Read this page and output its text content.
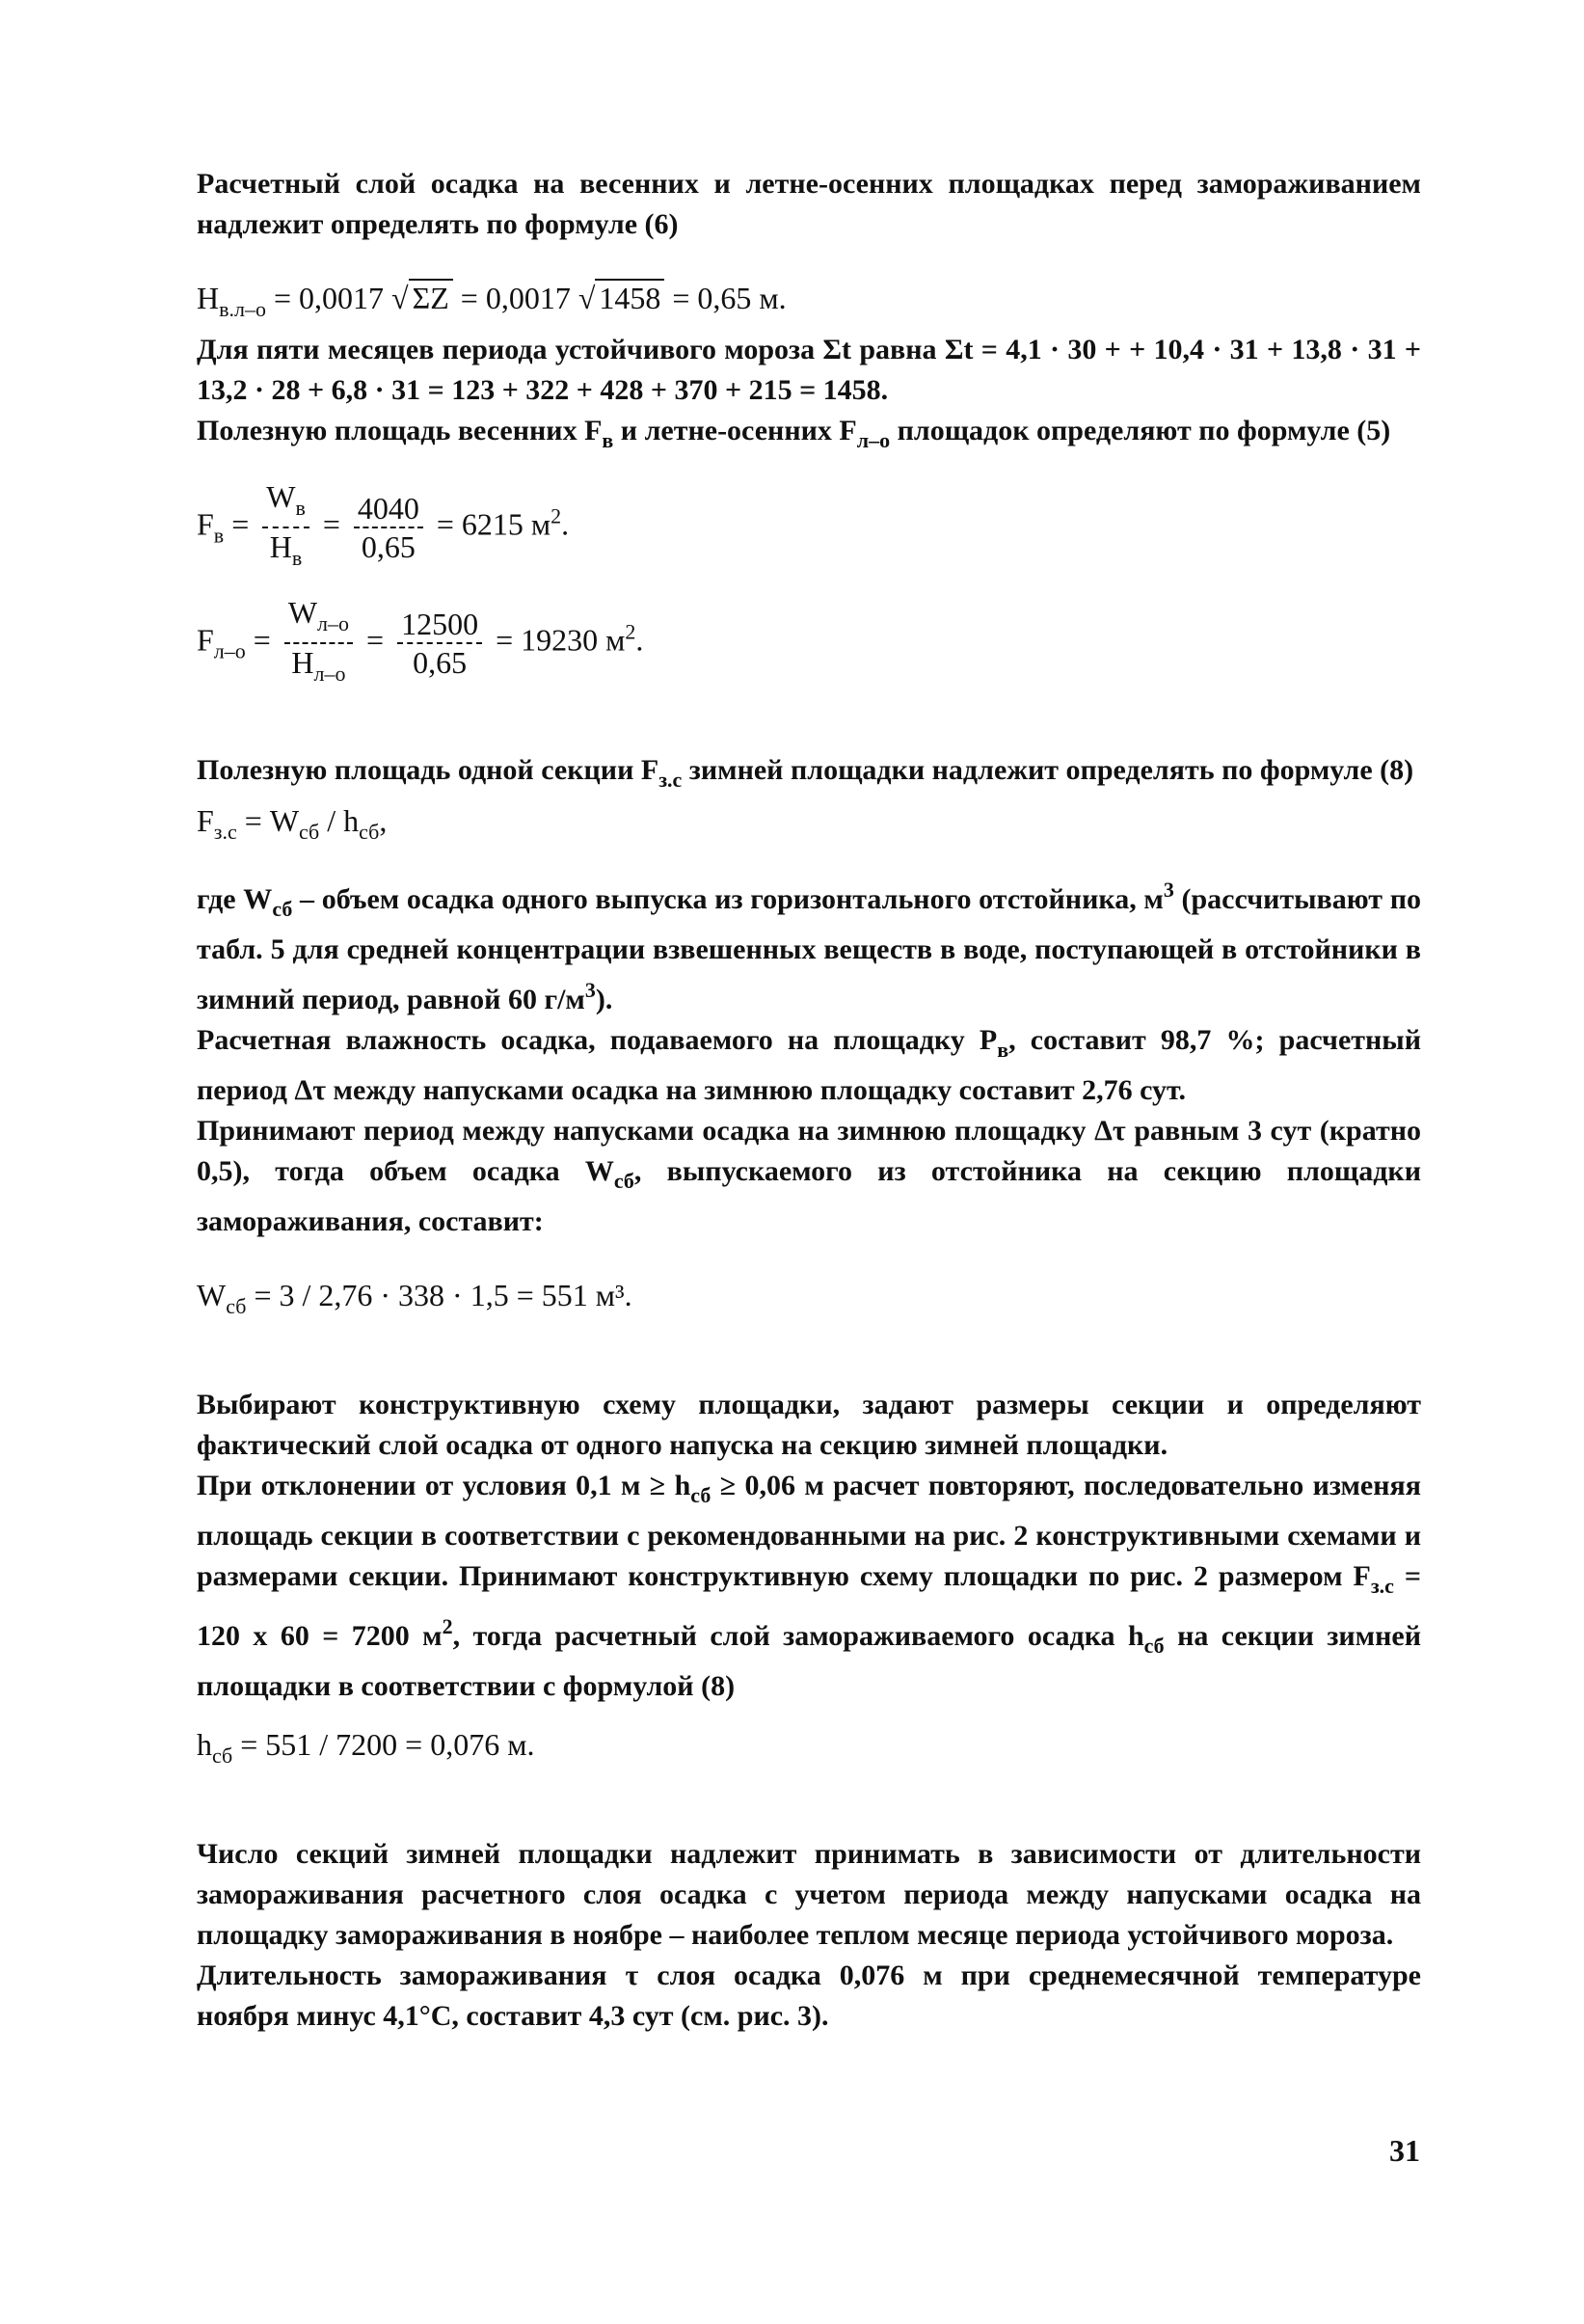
Расчетный слой осадка на весенних и летне-осенних площадках перед замораживанием надлежит определять по формуле (6)

$H_{в.л-о} = 0,0017$ √ ΣZ = 0,0017 √ 1458 = 0,65 м.

Для пяти месяцев периода устойчивого мороза Σt равна Σt = 4,1 · 30 + + 10,4 · 31 + 13,8 · 31 + 13,2 · 28 + 6,8 · 31 = 123 + 322 + 428 + 370 + 215 = 1458.

Полезную площадь весенних $F_в$ и летне-осенних $F_{л-о}$ площадок определяют по формуле (5)

$F_в = \frac{W_в}{H_в} = \frac{4040}{0,65} = 6215$ $м^2$.

$F_{л-о} = \frac{W_{л-о}}{H_{л-о}} = \frac{12500}{0,65} = 19230$ $м^2$.

Полезную площадь одной секции $F_{з.с}$ зимней площадки надлежит определять по формуле (8)

$F_{з.с} = W_{сб} / h_{сб}$,

где $W_{сб}$ – объем осадка одного выпуска из горизонтального отстойника, $м^3$ (рассчитывают по табл. 5 для средней концентрации взвешенных веществ в воде, поступающей в отстойники в зимний период, равной 60 $г/м^3$).

Расчетная влажность осадка, подаваемого на площадку $P_в$, составит 98,7 %; расчетный период Δτ между напусками осадка на зимнюю площадку составит 2,76 сут.

Принимают период между напусками осадка на зимнюю площадку Δτ равным 3 сут (кратно 0,5), тогда объем осадка $W_{сб}$, выпускаемого из отстойника на секцию площадки замораживания, составит:

$W_{сб} = 3 / 2,76 \cdot 338 \cdot 1,5 = 551$ м³.

Выбирают конструктивную схему площадки, задают размеры секции и определяют фактический слой осадка от одного напуска на секцию зимней площадки.

При отклонении от условия 0,1 $м \ge h_{сб} \ge 0,06$ м расчет повторяют, последовательно изменяя площадь секции в соответствии с рекомендованными на рис. 2 конструктивными схемами и размерами секции. Принимают конструктивную схему площадки по рис. 2 размером $F_{з.с} = 120$ х 60 = 7200 $м^2$, тогда расчетный слой замораживаемого осадка $h_{сб}$ на секции зимней площадки в соответствии с формулой (8)

$h_{сб} = 551 / 7200 = 0,076$ м.

Число секций зимней площадки надлежит принимать в зависимости от длительности замораживания расчетного слоя осадка с учетом периода между напусками осадка на площадку замораживания в ноябре – наиболее теплом месяце периода устойчивого мороза.

Длительность замораживания τ слоя осадка 0,076 м при среднемесячной температуре ноября минус 4,1°С, составит 4,3 сут (см. рис. 3).

31
